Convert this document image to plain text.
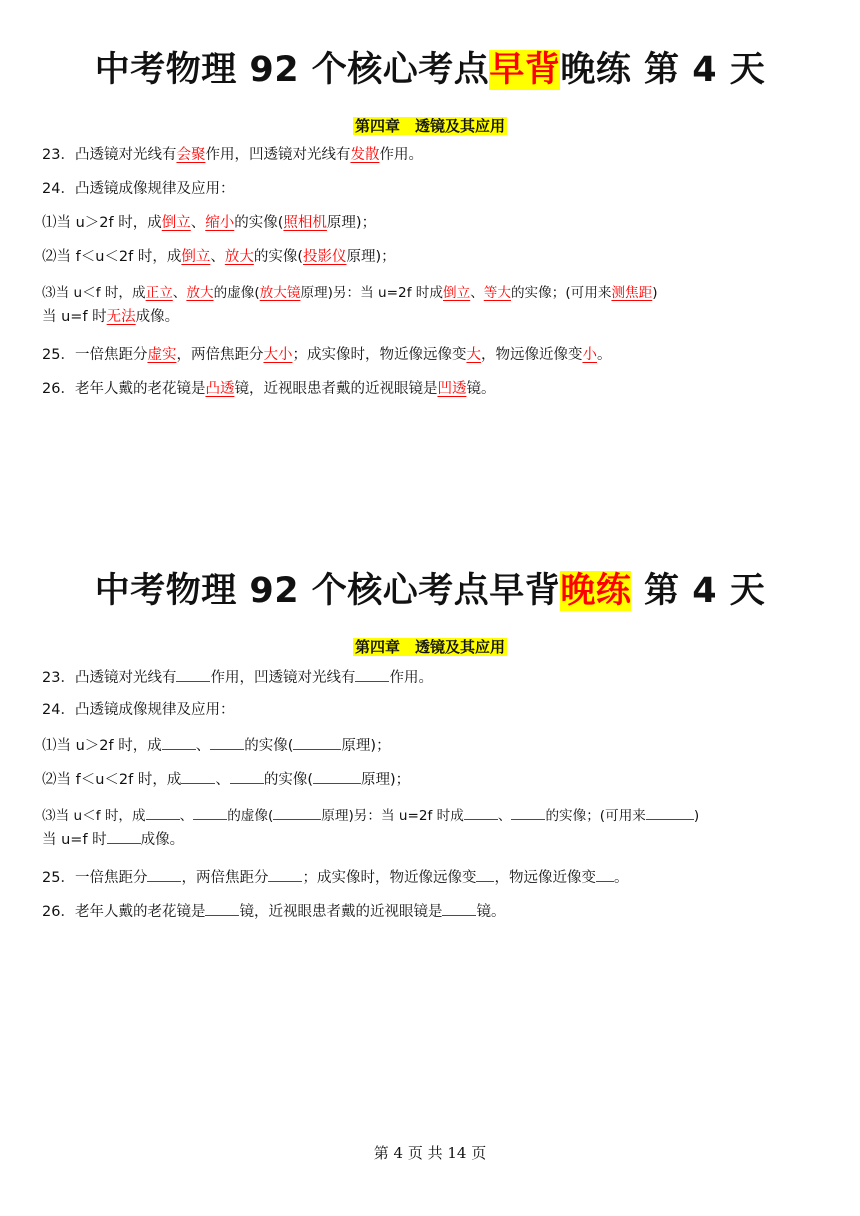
中考物理 92 个核心考点早背晚练 第 4 天
第四章　透镜及其应用
23．凸透镜对光线有会聚作用，凹透镜对光线有发散作用。
24．凸透镜成像规律及应用：
⑴当 u＞2f 时，成倒立、缩小的实像(照相机原理)；
⑵当 f＜u＜2f 时，成倒立、放大的实像(投影仪原理)；
⑶当 u＜f 时，成正立、放大的虚像(放大镜原理)另：当 u=2f 时成倒立、等大的实像；(可用来测焦距)
当 u=f 时无法成像。
25．一倍焦距分虚实，两倍焦距分大小；成实像时，物近像远像变大，物远像近像变小。
26．老年人戴的老花镜是凸透镜，近视眼患者戴的近视眼镜是凹透镜。
中考物理 92 个核心考点早背晚练 第 4 天
第四章　透镜及其应用
23．凸透镜对光线有 作用，凹透镜对光线有 作用。
24．凸透镜成像规律及应用：
⑴当 u＞2f 时，成 、 的实像(	原理)；
⑵当 f＜u＜2f 时，成 、 的实像(	原理)；
⑶当 u＜f 时，成	、	的虚像(	原理)另：当 u=2f 时成	、	的实像；(可用来	)
当 u=f 时 成像。
25．一倍焦距分 ，两倍焦距分 ；成实像时，物近像远像变 ，物远像近像变 。
26．老年人戴的老花镜是 镜，近视眼患者戴的近视眼镜是 镜。
第 4 页 共 14 页
